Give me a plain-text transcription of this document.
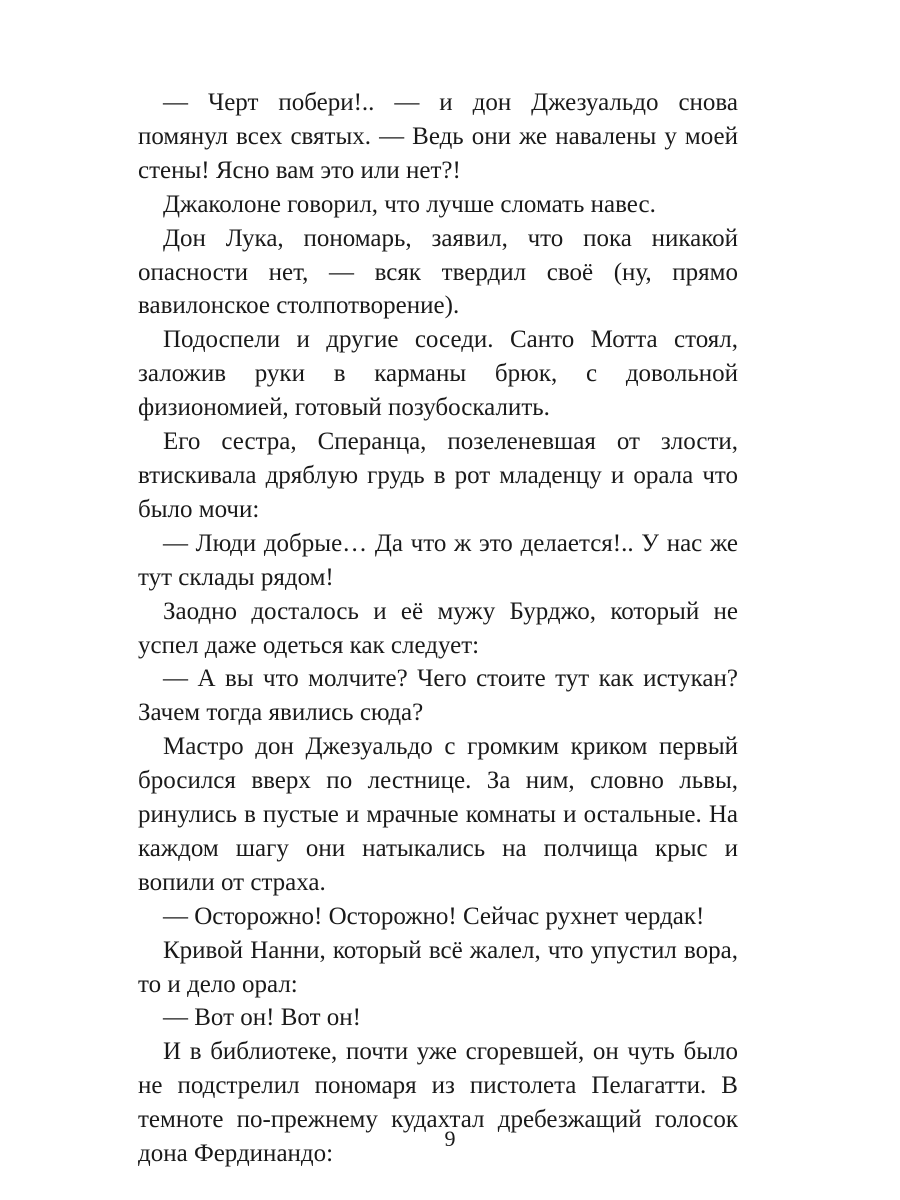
— Черт побери!.. — и дон Джезуальдо снова помянул всех святых. — Ведь они же навалены у моей стены! Ясно вам это или нет?!

Джаколоне говорил, что лучше сломать навес.

Дон Лука, пономарь, заявил, что пока никакой опасности нет, — всяк твердил своё (ну, прямо вавилонское столпотворение).

Подоспели и другие соседи. Санто Мотта стоял, заложив руки в карманы брюк, с довольной физиономией, готовый позубоскалить.

Его сестра, Сперанца, позеленевшая от злости, втискивала дряблую грудь в рот младенцу и орала что было мочи:

— Люди добрые… Да что ж это делается!.. У нас же тут склады рядом!

Заодно досталось и её мужу Бурджо, который не успел даже одеться как следует:

— А вы что молчите? Чего стоите тут как истукан? Зачем тогда явились сюда?

Мастро дон Джезуальдо с громким криком первый бросился вверх по лестнице. За ним, словно львы, ринулись в пустые и мрачные комнаты и остальные. На каждом шагу они натыкались на полчища крыс и вопили от страха.

— Осторожно! Осторожно! Сейчас рухнет чердак!

Кривой Нанни, который всё жалел, что упустил вора, то и дело орал:

— Вот он! Вот он!

И в библиотеке, почти уже сгоревшей, он чуть было не подстрелил пономаря из пистолета Пелагатти. В темноте по-прежнему кудахтал дребезжащий голосок дона Фердинандо:

9
